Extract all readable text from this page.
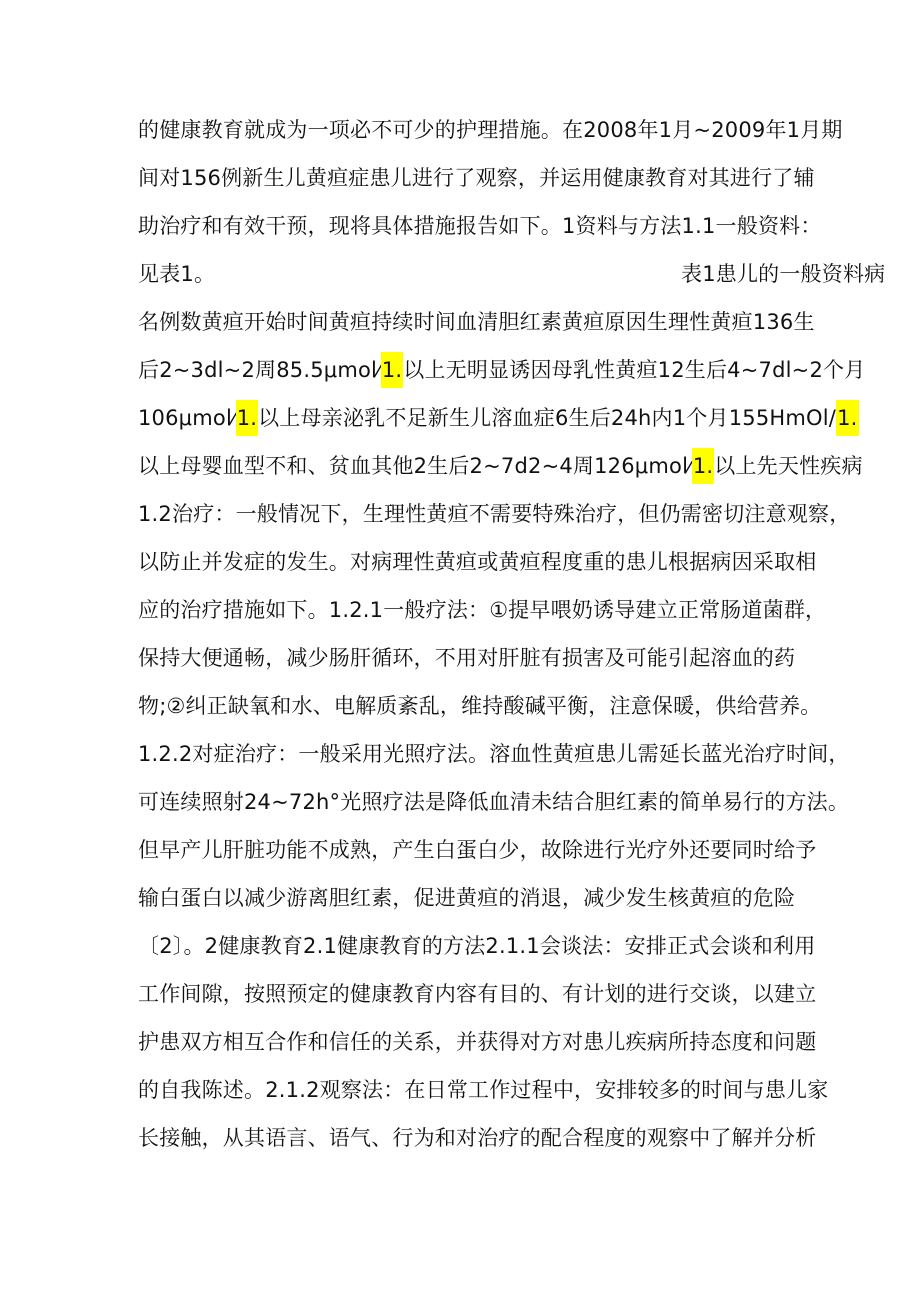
的健康教育就成为一项必不可少的护理措施。在2008年1月~2009年1月期
间对156例新生儿黄疸症患儿进行了观察，并运用健康教育对其进行了辅
助治疗和有效干预，现将具体措施报告如下。1资料与方法1.1一般资料：
见表1。	表1患儿的一般资料病
名例数黄疸开始时间黄疸持续时间血清胆红素黄疸原因生理性黄疸136生
后2~3dl~2周85.5μmol⁄1.以上无明显诱因母乳性黄疸12生后4~7dl~2个月
106μmol⁄1.以上母亲泌乳不足新生儿溶血症6生后24h内1个月155HmOl/1.
以上母婴血型不和、贫血其他2生后2~7d2~4周126μmol⁄1.以上先天性疾病
1.2治疗：一般情况下，生理性黄疸不需要特殊治疗，但仍需密切注意观察，
以防止并发症的发生。对病理性黄疸或黄疸程度重的患儿根据病因采取相
应的治疗措施如下。1.2.1一般疗法：①提早喂奶诱导建立正常肠道菌群，
保持大便通畅，减少肠肝循环，不用对肝脏有损害及可能引起溶血的药
物;②纠正缺氧和水、电解质紊乱，维持酸碱平衡，注意保暖，供给营养。
1.2.2对症治疗：一般采用光照疗法。溶血性黄疸患儿需延长蓝光治疗时间，
可连续照射24~72h°光照疗法是降低血清未结合胆红素的简单易行的方法。
但早产儿肝脏功能不成熟，产生白蛋白少，故除进行光疗外还要同时给予
输白蛋白以减少游离胆红素，促进黄疸的消退，减少发生核黄疸的危险
〔2〕。2健康教育2.1健康教育的方法2.1.1会谈法：安排正式会谈和利用
工作间隙，按照预定的健康教育内容有目的、有计划的进行交谈，以建立
护患双方相互合作和信任的关系，并获得对方对患儿疾病所持态度和问题
的自我陈述。2.1.2观察法：在日常工作过程中，安排较多的时间与患儿家
长接触，从其语言、语气、行为和对治疗的配合程度的观察中了解并分析
